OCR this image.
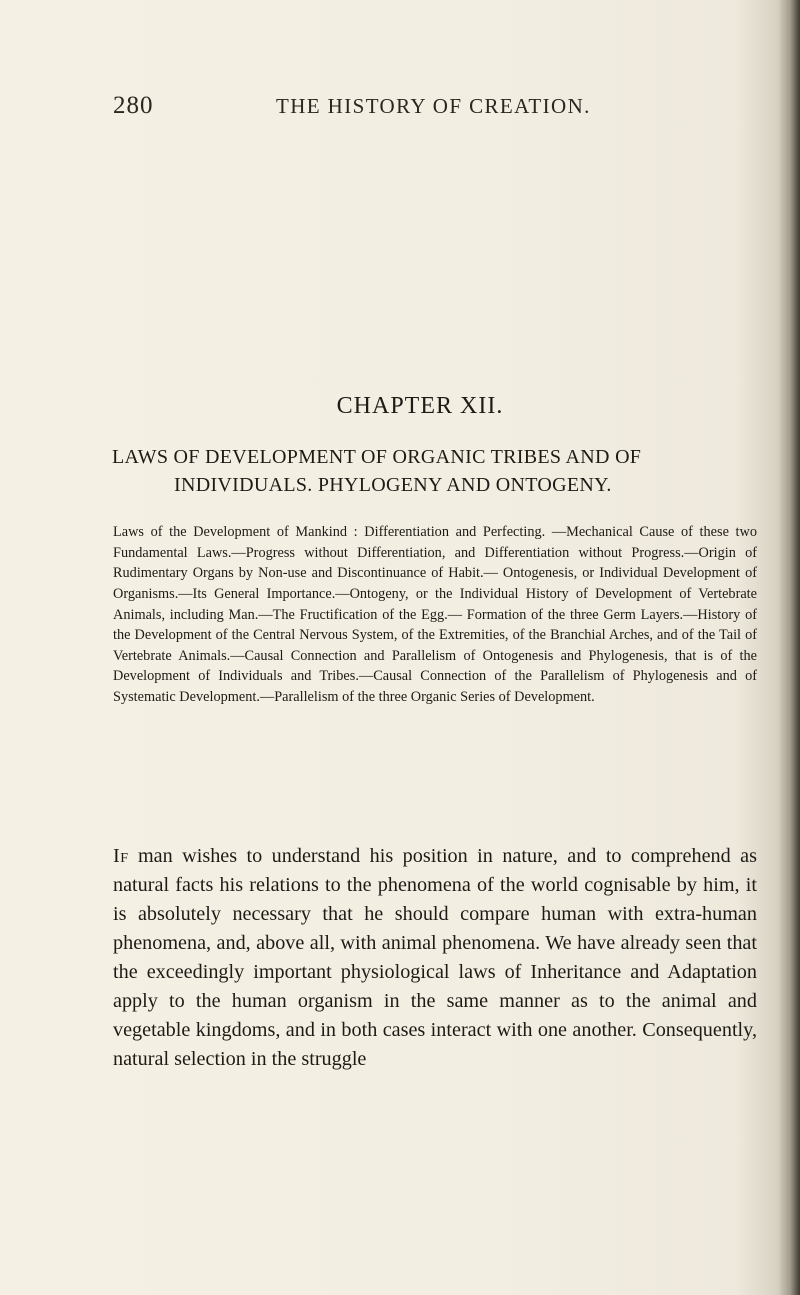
280	THE HISTORY OF CREATION.
CHAPTER XII.
LAWS OF DEVELOPMENT OF ORGANIC TRIBES AND OF
INDIVIDUALS. PHYLOGENY AND ONTOGENY.

Laws of the Development of Mankind : Differentiation and Perfecting. —Mechanical Cause of these two Fundamental Laws.—Progress without Differentiation, and Differentiation without Progress.—Origin of Rudimentary Organs by Non-use and Discontinuance of Habit.— Ontogenesis, or Individual Development of Organisms.—Its General Importance.—Ontogeny, or the Individual History of Development of Vertebrate Animals, including Man.—The Fructification of the Egg.— Formation of the three Germ Layers.—History of the Development of the Central Nervous System, of the Extremities, of the Branchial Arches, and of the Tail of Vertebrate Animals.—Causal Connection and Parallelism of Ontogenesis and Phylogenesis, that is of the Development of Individuals and Tribes.—Causal Connection of the Parallelism of Phylogenesis and of Systematic Development.—Parallelism of the three Organic Series of Development.

If man wishes to understand his position in nature, and to comprehend as natural facts his relations to the phenomena of the world cognisable by him, it is absolutely necessary that he should compare human with extra-human phenomena, and, above all, with animal phenomena. We have already seen that the exceedingly important physiological laws of Inheritance and Adaptation apply to the human organism in the same manner as to the animal and vegetable kingdoms, and in both cases interact with one another. Consequently, natural selection in the struggle
